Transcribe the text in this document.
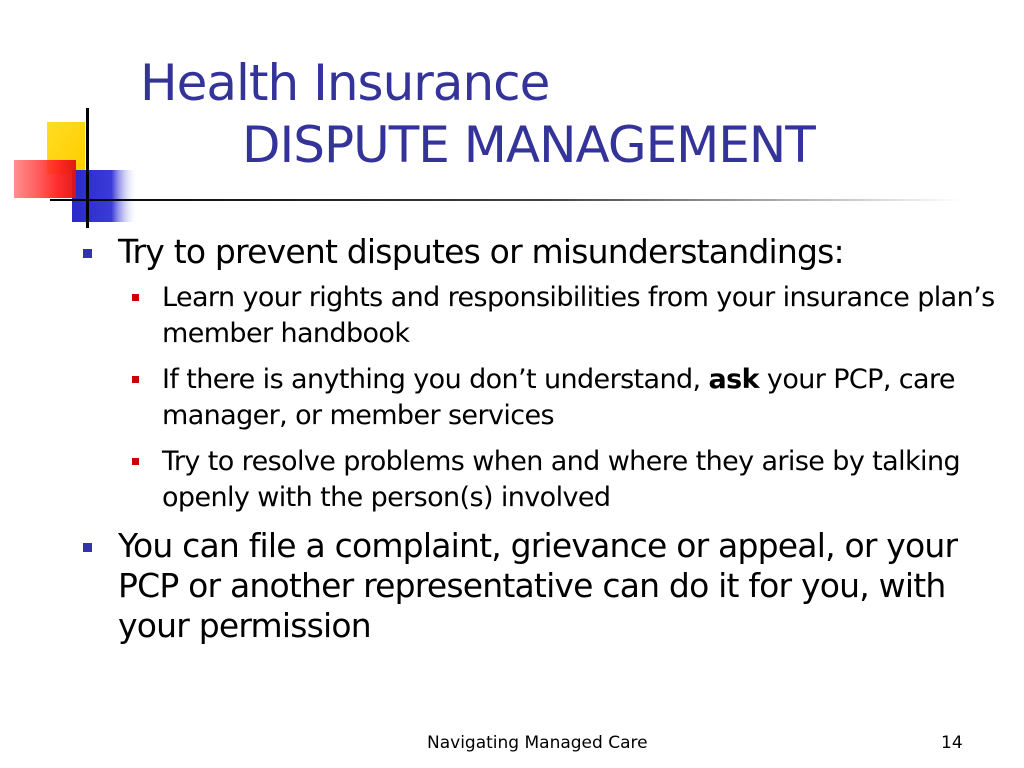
Health Insurance
DISPUTE MANAGEMENT
Try to prevent disputes or misunderstandings:
Learn your rights and responsibilities from your insurance plan’s member handbook
If there is anything you don’t understand, ask your PCP, care manager, or member services
Try to resolve problems when and where they arise by talking openly with the person(s) involved
You can file a complaint, grievance or appeal, or your PCP or another representative can do it for you, with your permission
Navigating Managed Care	14
